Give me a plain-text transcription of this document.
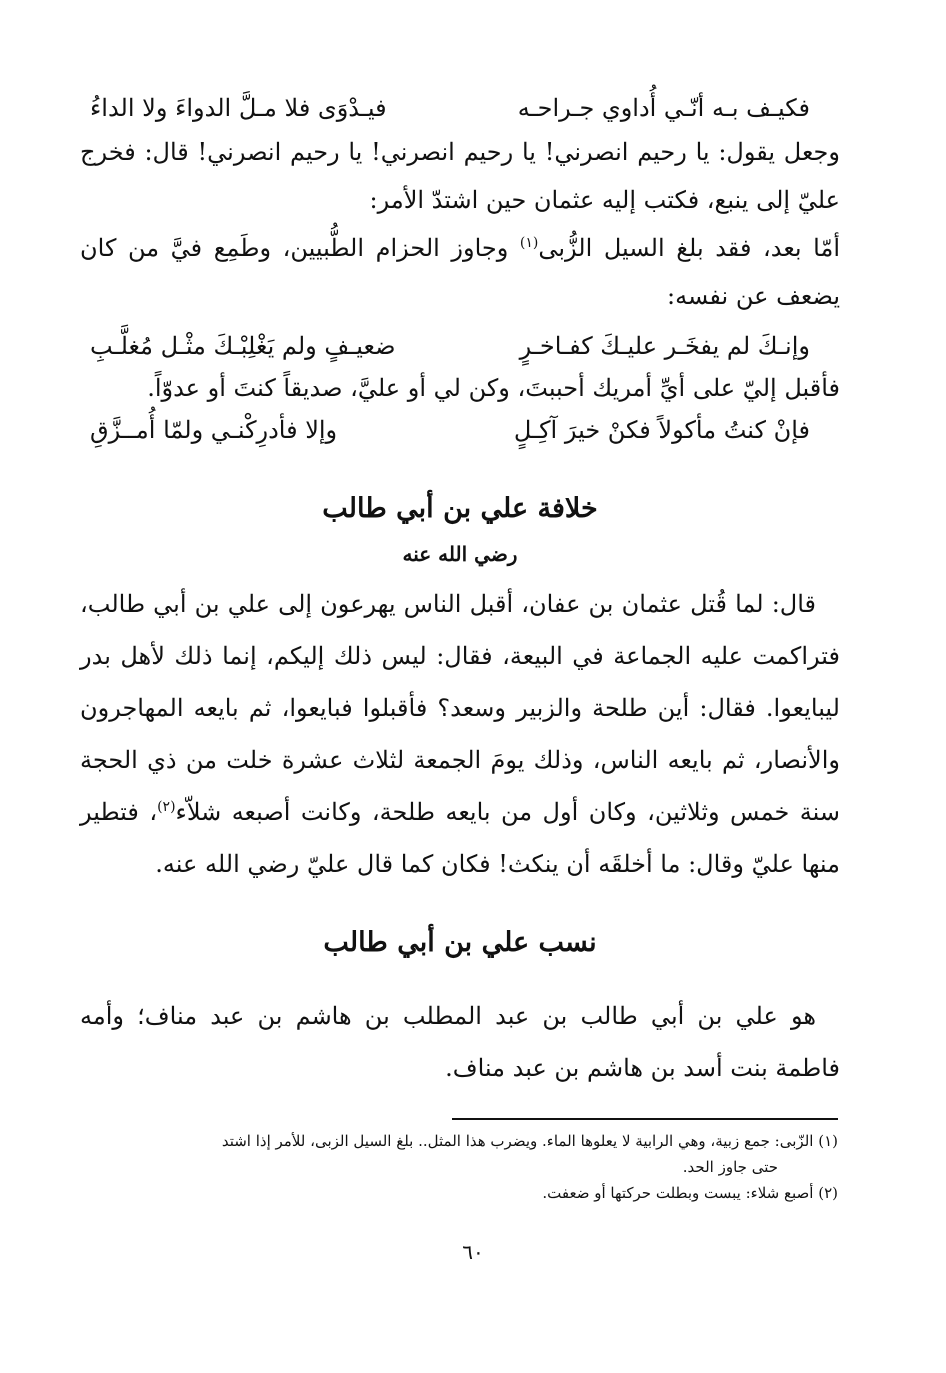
فكيـف بـه أنّـي أُداوي جـراحـه
فيـدْوَى فلا مـلَّ الدواءَ ولا الداءُ

وجعل يقول: يا رحيم انصرني! يا رحيم انصرني! يا رحيم انصرني! قال: فخرج عليّ إلى ينبع، فكتب إليه عثمان حين اشتدّ الأمر:

أمّا بعد، فقد بلغ السيل الزُّبى$^{(١)}$ وجاوز الحزام الطُّبيين، وطَمِع فيَّ من كان يضعف عن نفسه:

وإنـكَ لم يفخَـر عليـكَ كفـاخـرٍ
ضعيـفٍ ولم يَغْلِبْـكَ مثْـل مُغلَّـبِ

فأقبل إليّ على أيِّ أمريك أحببتَ، وكن لي أو عليَّ، صديقاً كنتَ أو عدوّاً.

فإنْ كنتُ مأكولاً فكنْ خيرَ آكِـلٍ
وإلا فأدرِكْنـي ولمّا أُمــزَّقِ
خلافة علي بن أبي طالب
رضي الله عنه

قال: لما قُتل عثمان بن عفان، أقبل الناس يهرعون إلى علي بن أبي طالب، فتراكمت عليه الجماعة في البيعة، فقال: ليس ذلك إليكم، إنما ذلك لأهل بدر ليبايعوا. فقال: أين طلحة والزبير وسعد؟ فأقبلوا فبايعوا، ثم بايعه المهاجرون والأنصار، ثم بايعه الناس، وذلك يومَ الجمعة لثلاث عشرة خلت من ذي الحجة سنة خمس وثلاثين، وكان أول من بايعه طلحة، وكانت أصبعه شلاّء$^{(٢)}$، فتطير منها عليّ وقال: ما أخلقَه أن ينكث! فكان كما قال عليّ رضي الله عنه.

نسب علي بن أبي طالب

هو علي بن أبي طالب بن عبد المطلب بن هاشم بن عبد مناف؛ وأمه فاطمة بنت أسد بن هاشم بن عبد مناف.

(١) الزّبى: جمع زبية، وهي الرابية لا يعلوها الماء. ويضرب هذا المثل.. بلغ السيل الزبى، للأمر إذا اشتد

حتى جاوز الحد.

(٢) أصبع شلاء: يبست وبطلت حركتها أو ضعفت.

٦٠
